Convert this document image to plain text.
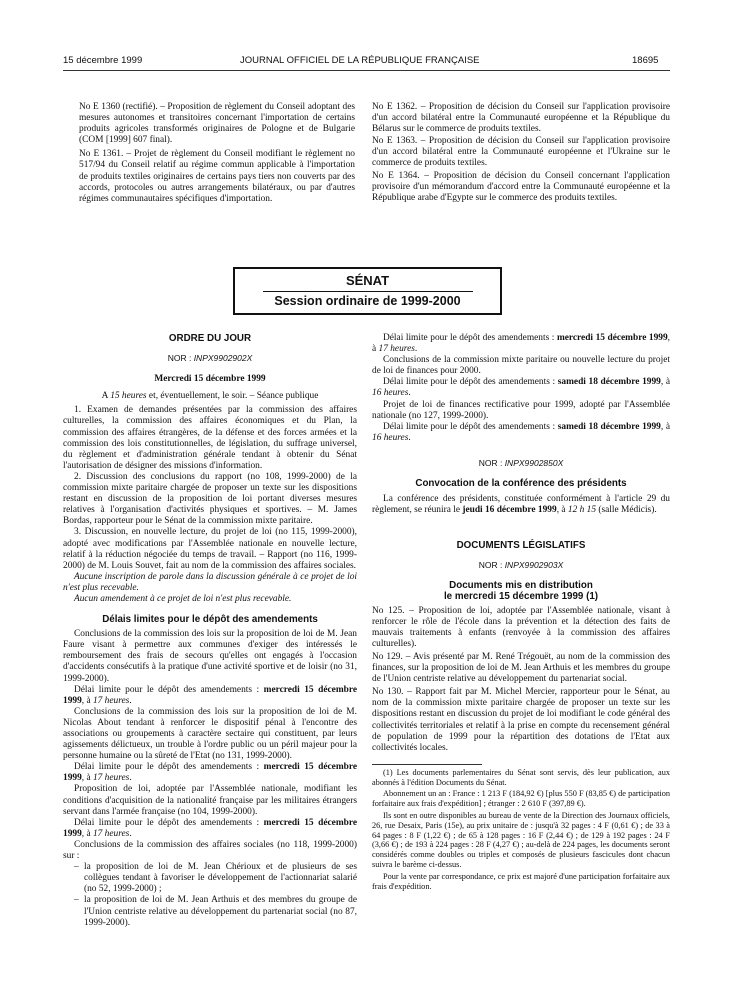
15 décembre 1999	JOURNAL OFFICIEL DE LA RÉPUBLIQUE FRANÇAISE	18695

No E 1360 (rectifié). – Proposition de règlement du Conseil adoptant des mesures autonomes et transitoires concernant l'importation de certains produits agricoles transformés originaires de Pologne et de Bulgarie (COM [1999] 607 final).

No E 1361. – Projet de règlement du Conseil modifiant le règlement no 517/94 du Conseil relatif au régime commun applicable à l'importation de produits textiles originaires de certains pays tiers non couverts par des accords, protocoles ou autres arrangements bilatéraux, ou par d'autres régimes communautaires spécifiques d'importation.

No E 1362. – Proposition de décision du Conseil sur l'application provisoire d'un accord bilatéral entre la Communauté européenne et la République du Bélarus sur le commerce de produits textiles.

No E 1363. – Proposition de décision du Conseil sur l'application provisoire d'un accord bilatéral entre la Communauté européenne et l'Ukraine sur le commerce de produits textiles.

No E 1364. – Proposition de décision du Conseil concernant l'application provisoire d'un mémorandum d'accord entre la Communauté européenne et la République arabe d'Egypte sur le commerce des produits textiles.

SÉNAT
Session ordinaire de 1999-2000

ORDRE DU JOUR

NOR : INPX9902902X

Mercredi 15 décembre 1999

A 15 heures et, éventuellement, le soir. – Séance publique

1. Examen de demandes présentées par la commission des affaires culturelles, la commission des affaires économiques et du Plan, la commission des affaires étrangères, de la défense et des forces armées et la commission des lois constitutionnelles, de législation, du suffrage universel, du règlement et d'administration générale tendant à obtenir du Sénat l'autorisation de désigner des missions d'information.

2. Discussion des conclusions du rapport (no 108, 1999-2000) de la commission mixte paritaire chargée de proposer un texte sur les dispositions restant en discussion de la proposition de loi portant diverses mesures relatives à l'organisation d'activités physiques et sportives. – M. James Bordas, rapporteur pour le Sénat de la commission mixte paritaire.

3. Discussion, en nouvelle lecture, du projet de loi (no 115, 1999-2000), adopté avec modifications par l'Assemblée nationale en nouvelle lecture, relatif à la réduction négociée du temps de travail. – Rapport (no 116, 1999-2000) de M. Louis Souvet, fait au nom de la commission des affaires sociales.

Aucune inscription de parole dans la discussion générale à ce projet de loi n'est plus recevable.

Aucun amendement à ce projet de loi n'est plus recevable.

Délais limites pour le dépôt des amendements

Conclusions de la commission des lois sur la proposition de loi de M. Jean Faure visant à permettre aux communes d'exiger des intéressés le remboursement des frais de secours qu'elles ont engagés à l'occasion d'accidents consécutifs à la pratique d'une activité sportive et de loisir (no 31, 1999-2000).

Délai limite pour le dépôt des amendements : mercredi 15 décembre 1999, à 17 heures.

Conclusions de la commission des lois sur la proposition de loi de M. Nicolas About tendant à renforcer le dispositif pénal à l'encontre des associations ou groupements à caractère sectaire qui constituent, par leurs agissements délictueux, un trouble à l'ordre public ou un péril majeur pour la personne humaine ou la sûreté de l'Etat (no 131, 1999-2000).

Délai limite pour le dépôt des amendements : mercredi 15 décembre 1999, à 17 heures.

Proposition de loi, adoptée par l'Assemblée nationale, modifiant les conditions d'acquisition de la nationalité française par les militaires étrangers servant dans l'armée française (no 104, 1999-2000).

Délai limite pour le dépôt des amendements : mercredi 15 décembre 1999, à 17 heures.

Conclusions de la commission des affaires sociales (no 118, 1999-2000) sur :

– la proposition de loi de M. Jean Chérioux et de plusieurs de ses collègues tendant à favoriser le développement de l'actionnariat salarié (no 52, 1999-2000) ;

– la proposition de loi de M. Jean Arthuis et des membres du groupe de l'Union centriste relative au développement du partenariat social (no 87, 1999-2000).

Délai limite pour le dépôt des amendements : mercredi 15 décembre 1999, à 17 heures.

Conclusions de la commission mixte paritaire ou nouvelle lecture du projet de loi de finances pour 2000.

Délai limite pour le dépôt des amendements : samedi 18 décembre 1999, à 16 heures.

Projet de loi de finances rectificative pour 1999, adopté par l'Assemblée nationale (no 127, 1999-2000).

Délai limite pour le dépôt des amendements : samedi 18 décembre 1999, à 16 heures.

NOR : INPX9902850X

Convocation de la conférence des présidents

La conférence des présidents, constituée conformément à l'article 29 du règlement, se réunira le jeudi 16 décembre 1999, à 12 h 15 (salle Médicis).

DOCUMENTS LÉGISLATIFS

NOR : INPX9902903X

Documents mis en distribution

le mercredi 15 décembre 1999 (1)

No 125. – Proposition de loi, adoptée par l'Assemblée nationale, visant à renforcer le rôle de l'école dans la prévention et la détection des faits de mauvais traitements à enfants (renvoyée à la commission des affaires culturelles).

No 129. – Avis présenté par M. René Trégouët, au nom de la commission des finances, sur la proposition de loi de M. Jean Arthuis et les membres du groupe de l'Union centriste relative au développement du partenariat social.

No 130. – Rapport fait par M. Michel Mercier, rapporteur pour le Sénat, au nom de la commission mixte paritaire chargée de proposer un texte sur les dispositions restant en discussion du projet de loi modifiant le code général des collectivités territoriales et relatif à la prise en compte du recensement général de population de 1999 pour la répartition des dotations de l'Etat aux collectivités locales.

(1) Les documents parlementaires du Sénat sont servis, dès leur publication, aux abonnés à l'édition Documents du Sénat.

Abonnement un an : France : 1 213 F (184,92 €) [plus 550 F (83,85 €) de participation forfaitaire aux frais d'expédition] ; étranger : 2 610 F (397,89 €).

Ils sont en outre disponibles au bureau de vente de la Direction des Journaux officiels, 26, rue Desaix, Paris (15e), au prix unitaire de : jusqu'à 32 pages : 4 F (0,61 €) ; de 33 à 64 pages : 8 F (1,22 €) ; de 65 à 128 pages : 16 F (2,44 €) ; de 129 à 192 pages : 24 F (3,66 €) ; de 193 à 224 pages : 28 F (4,27 €) ; au-delà de 224 pages, les documents seront considérés comme doubles ou triples et composés de plusieurs fascicules dont chacun suivra le barème ci-dessus.

Pour la vente par correspondance, ce prix est majoré d'une participation forfaitaire aux frais d'expédition.
